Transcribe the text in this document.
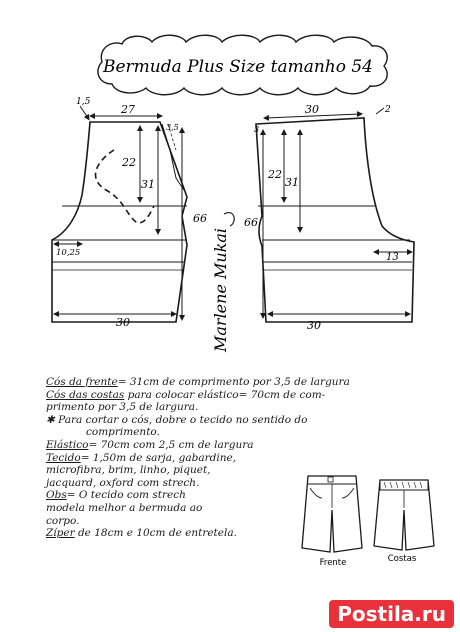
Bermuda Plus Size tamanho 54
27
1,5
3,5
22
31
66
10,25
30
30	2
3
22
31
66
13
30
Marlene Mukai
Frente	Costas

Cós da frente= 31cm de comprimento por 3,5 de largura

Cós das costas para colocar elástico= 70cm de com-

primento por 3,5 de largura.

✱ Para cortar o cós, dobre o tecido no sentido do

comprimento.

Elástico= 70cm com 2,5 cm de largura

Tecido= 1,50m de sarja, gabardine,

microfibra, brim, linho, piquet,

jacquard, oxford com strech.

Obs= O tecido com strech

modela melhor a bermuda ao

corpo.

Zíper de 18cm e 10cm de entretela.

Postila.ru
